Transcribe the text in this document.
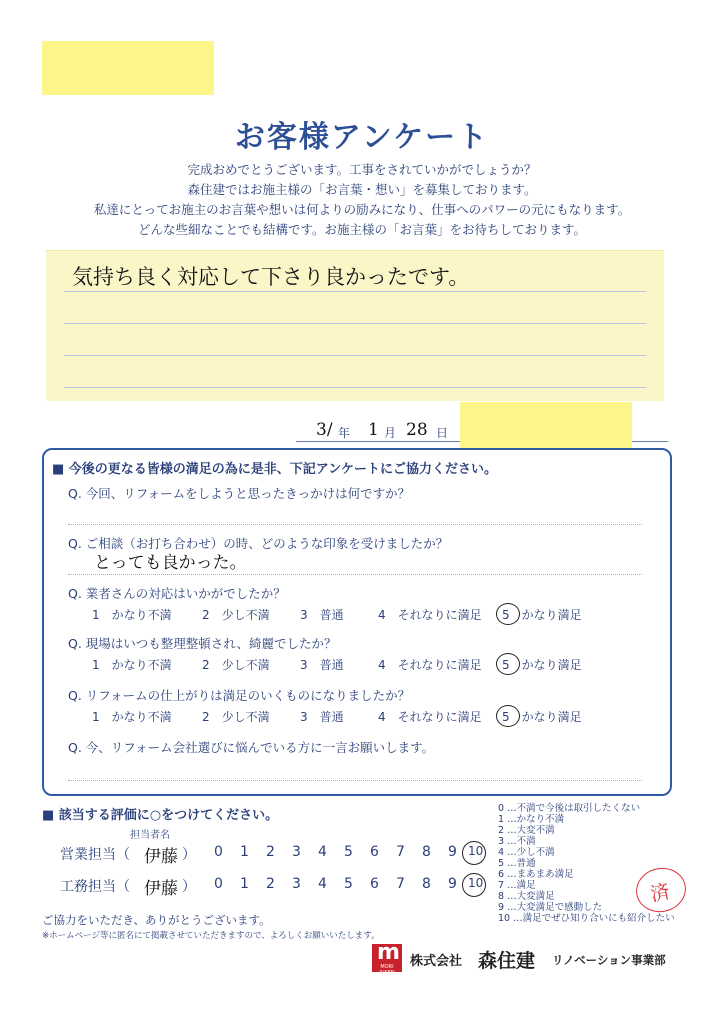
お客様アンケート
完成おめでとうございます。工事をされていかがでしょうか？
森住建ではお施主様の「お言葉・想い」を募集しております。
私達にとってお施主のお言葉や想いは何よりの励みになり、仕事へのパワーの元にもなります。
どんな些細なことでも結構です。お施主様の「お言葉」をお待ちしております。
気持ち良く対応して下さり良かったです。
3/ 年 1 月 28 日
■ 今後の更なる皆様の満足の為に是非、下記アンケートにご協力ください。
Q. 今回、リフォームをしようと思ったきっかけは何ですか？
Q. ご相談（お打ち合わせ）の時、どのような印象を受けましたか？
とっても良かった。
Q. 業者さんの対応はいかがでしたか？
1　かなり不満	2　少し不満	3　普通	4　それなりに満足 5　かなり満足
Q. 現場はいつも整理整頓され、綺麗でしたか？
1　かなり不満	2　少し不満	3　普通	4　それなりに満足 5　かなり満足
Q. リフォームの仕上がりは満足のいくものになりましたか？
1　かなり不満	2　少し不満	3　普通	4　それなりに満足 5　かなり満足
Q. 今、リフォーム会社選びに悩んでいる方に一言お願いします。
■ 該当する評価に○をつけてください。
担当者名
営業担当（ 伊藤 ） 0 1 2 3 4 5 6 7 8 9 10
工務担当（ 伊藤 ） 0 1 2 3 4 5 6 7 8 9 10
0 …不満で今後は取引したくない
1 …かなり不満
2 …大変不満
3 …不満
4 …少し不満
5 …普通
6 …まあまあ満足
7 …満足
8 …大変満足
9 …大変満足で感動した
10 …満足でぜひ知り合いにも紹介したい
済
ご協力をいただき、ありがとうございます。
※ホームページ等に匿名にて掲載させていただきますので、よろしくお願いいたします。
m
MORI JUKEN
株式会社 森住建 リノベーション事業部
